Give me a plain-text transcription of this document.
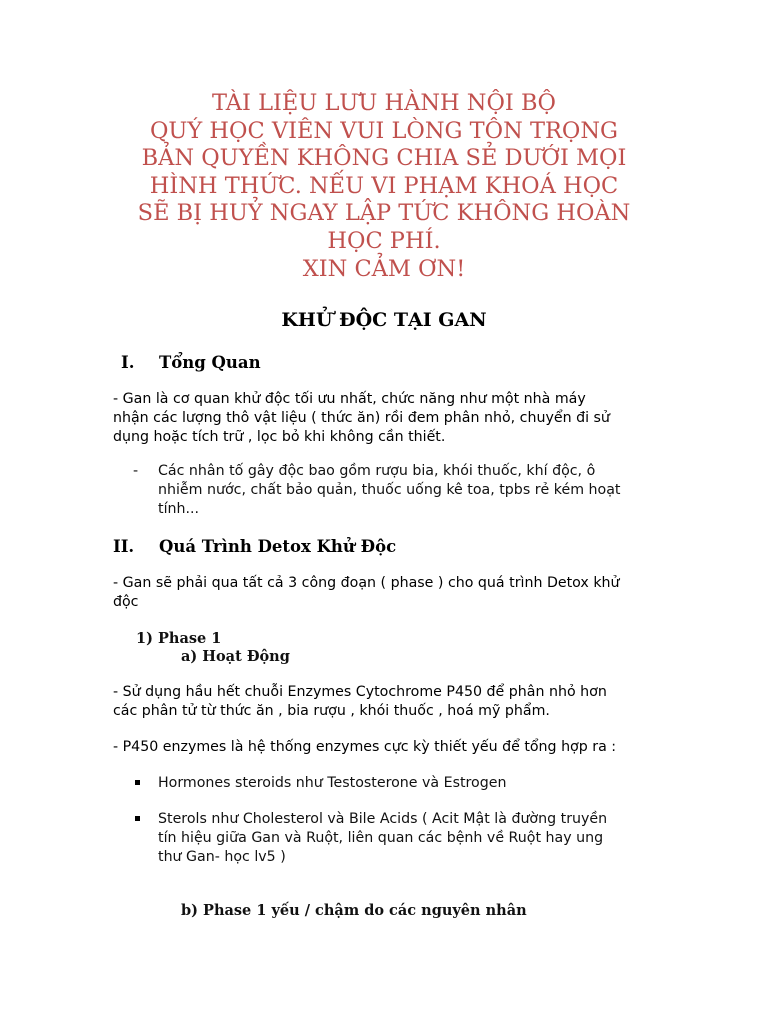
TÀI LIỆU LƯU HÀNH NỘI BỘ
QUÝ HỌC VIÊN VUI LÒNG TÔN TRỌNG
BẢN QUYỀN KHÔNG CHIA SẺ DƯỚI MỌI
HÌNH THỨC. NẾU VI PHẠM KHOÁ HỌC
SẼ BỊ HUỶ NGAY LẬP TỨC KHÔNG HOÀN
HỌC PHÍ.
XIN CẢM ƠN!
KHỬ ĐỘC TẠI GAN
I. Tổng Quan
- Gan là cơ quan khử độc tối ưu nhất, chức năng như một nhà máy
nhận các lượng thô vật liệu ( thức ăn) rồi đem phân nhỏ, chuyển đi sử
dụng hoặc tích trữ , lọc bỏ khi không cần thiết.
- Các nhân tố gây độc bao gồm rượu bia, khói thuốc, khí độc, ô
nhiễm nước, chất bảo quản, thuốc uống kê toa, tpbs rẻ kém hoạt
tính...
II. Quá Trình Detox Khử Độc
- Gan sẽ phải qua tất cả 3 công đoạn ( phase ) cho quá trình Detox khử
độc
1) Phase 1
a) Hoạt Động
- Sử dụng hầu hết chuỗi Enzymes Cytochrome P450 để phân nhỏ hơn
các phân tử từ thức ăn , bia rượu , khói thuốc , hoá mỹ phẩm.
- P450 enzymes là hệ thống enzymes cực kỳ thiết yếu để tổng hợp ra :
Hormones steroids như Testosterone và Estrogen
Sterols như Cholesterol và Bile Acids ( Acit Mật là đường truyền
tín hiệu giữa Gan và Ruột, liên quan các bệnh về Ruột hay ung
thư Gan- học lv5 )
b) Phase 1 yếu / chậm do các nguyên nhân
